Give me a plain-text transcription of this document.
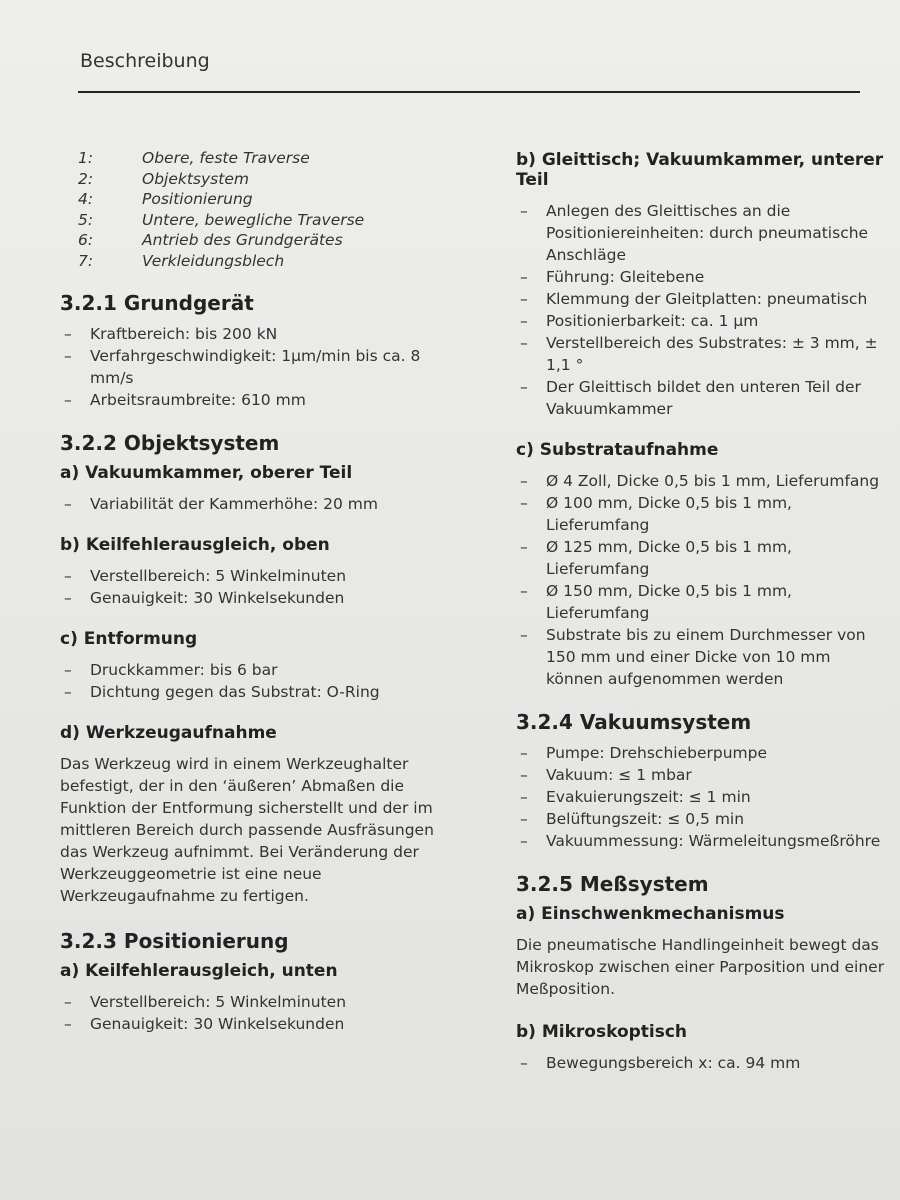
Beschreibung
1:	Obere, feste Traverse
2:	Objektsystem
4:	Positionierung
5:	Untere, bewegliche Traverse
6:	Antrieb des Grundgerätes
7:	Verkleidungsblech
3.2.1 Grundgerät
– Kraftbereich: bis 200 kN
– Verfahrgeschwindigkeit: 1µm/min bis ca. 8 mm/s
– Arbeitsraumbreite: 610 mm
3.2.2 Objektsystem
a) Vakuumkammer, oberer Teil
– Variabilität der Kammerhöhe: 20 mm
b) Keilfehlerausgleich, oben
– Verstellbereich: 5 Winkelminuten
– Genauigkeit: 30 Winkelsekunden
c) Entformung
– Druckkammer: bis 6 bar
– Dichtung gegen das Substrat: O-Ring
d) Werkzeugaufnahme

Das Werkzeug wird in einem Werkzeughalter befestigt, der in den ‘äußeren’ Abmaßen die Funktion der Entformung sicherstellt und der im mittleren Bereich durch passende Ausfräsungen das Werkzeug aufnimmt. Bei Veränderung der Werkzeuggeometrie ist eine neue Werkzeugaufnahme zu fertigen.

3.2.3 Positionierung
a) Keilfehlerausgleich, unten
– Verstellbereich: 5 Winkelminuten
– Genauigkeit: 30 Winkelsekunden
b) Gleittisch; Vakuumkammer, unterer Teil
– Anlegen des Gleittisches an die Positioniereinheiten: durch pneumatische Anschläge
– Führung: Gleitebene
– Klemmung der Gleitplatten: pneumatisch
– Positionierbarkeit: ca. 1 µm
– Verstellbereich des Substrates: ± 3 mm, ± 1,1 °
– Der Gleittisch bildet den unteren Teil der Vakuumkammer
c) Substrataufnahme
– Ø 4 Zoll, Dicke 0,5 bis 1 mm, Lieferumfang
– Ø 100 mm, Dicke 0,5 bis 1 mm, Lieferumfang
– Ø 125 mm, Dicke 0,5 bis 1 mm, Lieferumfang
– Ø 150 mm, Dicke 0,5 bis 1 mm, Lieferumfang
– Substrate bis zu einem Durchmesser von 150 mm und einer Dicke von 10 mm können aufgenommen werden
3.2.4 Vakuumsystem
– Pumpe: Drehschieberpumpe
– Vakuum: ≤ 1 mbar
– Evakuierungszeit: ≤ 1 min
– Belüftungszeit: ≤ 0,5 min
– Vakuummessung: Wärmeleitungsmeßröhre
3.2.5 Meßsystem
a) Einschwenkmechanismus

Die pneumatische Handlingeinheit bewegt das Mikroskop zwischen einer Parposition und einer Meßposition.

b) Mikroskoptisch
– Bewegungsbereich x: ca. 94 mm
